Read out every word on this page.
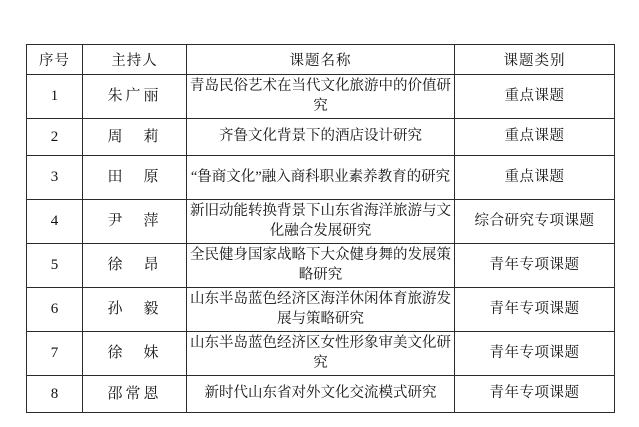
序号	主持人	课题名称	课题类别
1	朱广丽	青岛民俗艺术在当代文化旅游中的价值研究	重点课题
2	周　莉	齐鲁文化背景下的酒店设计研究	重点课题
3	田　原	“鲁商文化”融入商科职业素养教育的研究	重点课题
4	尹　萍	新旧动能转换背景下山东省海洋旅游与文化融合发展研究	综合研究专项课题
5	徐　昂	全民健身国家战略下大众健身舞的发展策略研究	青年专项课题
6	孙　毅	山东半岛蓝色经济区海洋休闲体育旅游发展与策略研究	青年专项课题
7	徐　妹	山东半岛蓝色经济区女性形象审美文化研究	青年专项课题
8	邵常恩	新时代山东省对外文化交流模式研究	青年专项课题
